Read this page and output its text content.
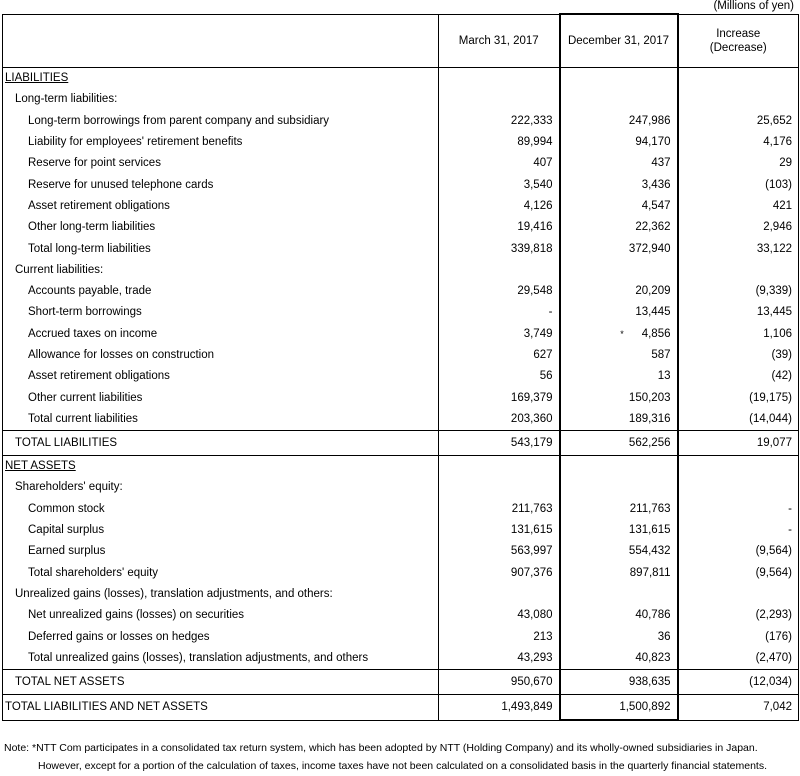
(Millions of yen)
	March 31, 2017	December 31, 2017	Increase
(Decrease)
LIABILITIES			
Long-term liabilities:			
Long-term borrowings from parent company and subsidiary	222,333	247,986	25,652
Liability for employees' retirement benefits	89,994	94,170	4,176
Reserve for point services	407	437	29
Reserve for unused telephone cards	3,540	3,436	(103)
Asset retirement obligations	4,126	4,547	421
Other long-term liabilities	19,416	22,362	2,946
Total long-term liabilities	339,818	372,940	33,122
Current liabilities:			
Accounts payable, trade	29,548	20,209	(9,339)
Short-term borrowings	-	13,445	13,445
Accrued taxes on income	3,749	* 4,856	1,106
Allowance for losses on construction	627	587	(39)
Asset retirement obligations	56	13	(42)
Other current liabilities	169,379	150,203	(19,175)
Total current liabilities	203,360	189,316	(14,044)
TOTAL LIABILITIES	543,179	562,256	19,077
NET ASSETS			
Shareholders' equity:			
Common stock	211,763	211,763	-
Capital surplus	131,615	131,615	-
Earned surplus	563,997	554,432	(9,564)
Total shareholders' equity	907,376	897,811	(9,564)
Unrealized gains (losses), translation adjustments, and others:			
Net unrealized gains (losses) on securities	43,080	40,786	(2,293)
Deferred gains or losses on hedges	213	36	(176)
Total unrealized gains (losses), translation adjustments, and others	43,293	40,823	(2,470)
TOTAL NET ASSETS	950,670	938,635	(12,034)
TOTAL LIABILITIES AND NET ASSETS	1,493,849	1,500,892	7,042
Note: *NTT Com participates in a consolidated tax return system, which has been adopted by NTT (Holding Company) and its wholly-owned subsidiaries in Japan.
However, except for a portion of the calculation of taxes, income taxes have not been calculated on a consolidated basis in the quarterly financial statements.
